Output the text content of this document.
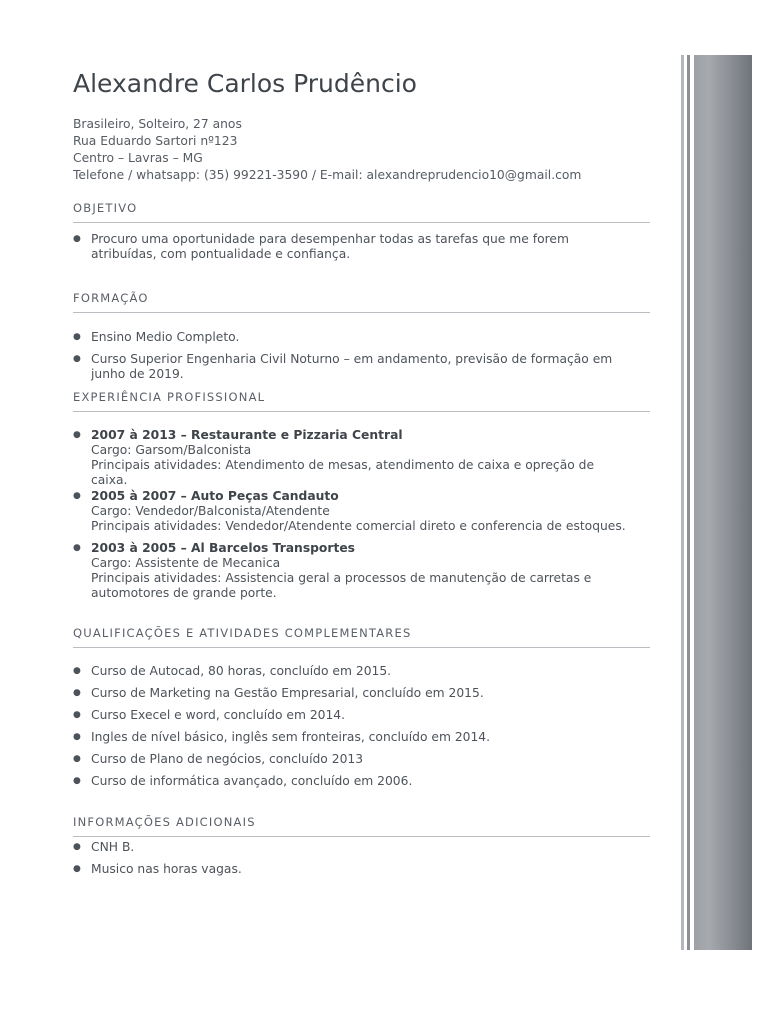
Alexandre Carlos Prudêncio
Brasileiro, Solteiro, 27 anos
Rua Eduardo Sartori nº123
Centro – Lavras – MG
Telefone / whatsapp: (35) 99221-3590 / E-mail: alexandreprudencio10@gmail.com
OBJETIVO
● Procuro uma oportunidade para desempenhar todas as tarefas que me forem
atribuídas, com pontualidade e confiança.
FORMAÇÃO
● Ensino Medio Completo.
● Curso Superior Engenharia Civil Noturno – em andamento, previsão de formação em
junho de 2019.
EXPERIÊNCIA PROFISSIONAL
● 2007 à 2013 – Restaurante e Pizzaria Central
Cargo: Garsom/Balconista
Principais atividades: Atendimento de mesas, atendimento de caixa e opreção de
caixa.
● 2005 à 2007 – Auto Peças Candauto
Cargo: Vendedor/Balconista/Atendente
Principais atividades: Vendedor/Atendente comercial direto e conferencia de estoques.
● 2003 à 2005 – Al Barcelos Transportes
Cargo: Assistente de Mecanica
Principais atividades: Assistencia geral a processos de manutenção de carretas e
automotores de grande porte.
QUALIFICAÇÕES E ATIVIDADES COMPLEMENTARES
● Curso de Autocad, 80 horas, concluído em 2015.
● Curso de Marketing na Gestão Empresarial, concluído em 2015.
● Curso Execel e word, concluído em 2014.
● Ingles de nível básico, inglês sem fronteiras, concluído em 2014.
● Curso de Plano de negócios, concluído 2013
● Curso de informática avançado, concluído em 2006.
INFORMAÇÕES ADICIONAIS
● CNH B.
● Musico nas horas vagas.
